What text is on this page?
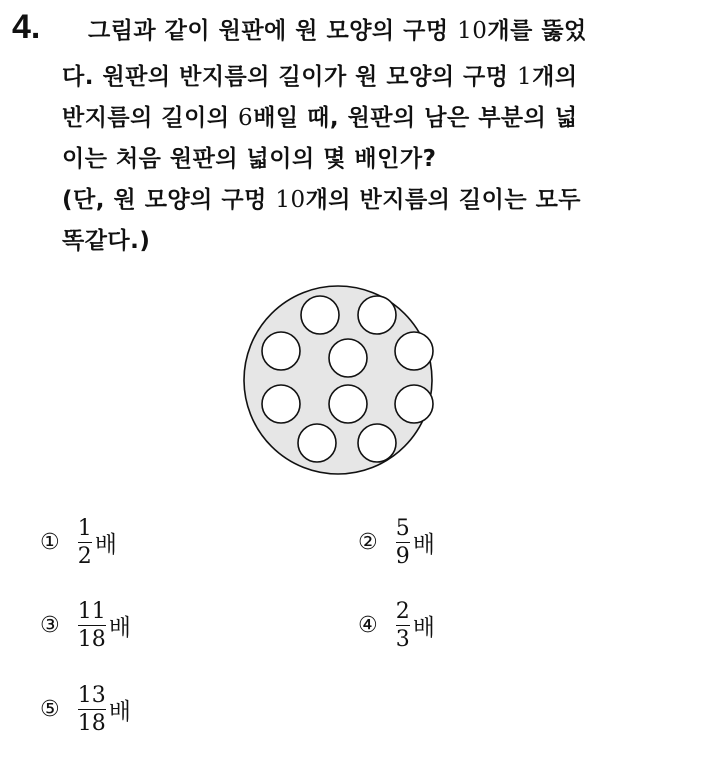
4. 그림과 같이 원판에 원 모양의 구멍 10개를 뚫었
다. 원판의 반지름의 길이가 원 모양의 구멍 1개의
반지름의 길이의 6배일 때, 원판의 남은 부분의 넓
이는 처음 원판의 넓이의 몇 배인가?
(단, 원 모양의 구멍 10개의 반지름의 길이는 모두
똑같다.)
① $\frac{1}{2}$ 배	② $\frac{5}{9}$ 배
③ $\frac{11}{18}$ 배	④ $\frac{2}{3}$ 배
⑤ $\frac{13}{18}$ 배
